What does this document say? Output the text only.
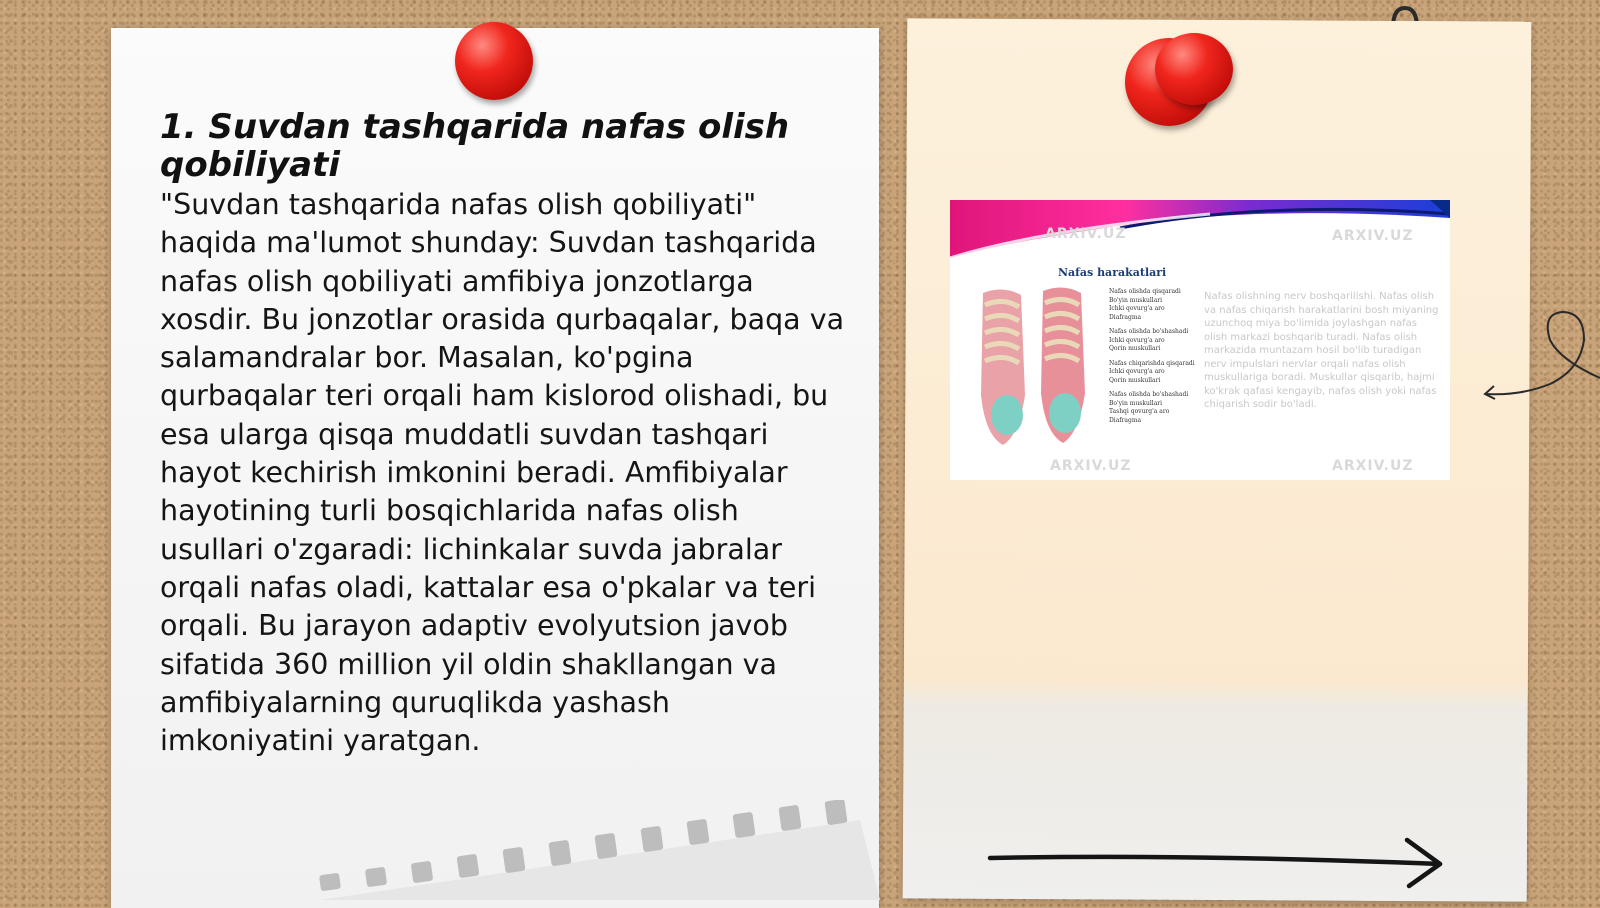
1. Suvdan tashqarida nafas olish qobiliyati

"Suvdan tashqarida nafas olish qobiliyati" haqida ma'lumot shunday: Suvdan tashqarida nafas olish qobiliyati amfibiya jonzotlarga xosdir. Bu jonzotlar orasida qurbaqalar, baqa va salamandralar bor. Masalan, ko'pgina qurbaqalar teri orqali ham kislorod olishadi, bu esa ularga qisqa muddatli suvdan tashqari hayot kechirish imkonini beradi. Amfibiyalar hayotining turli bosqichlarida nafas olish usullari o'zgaradi: lichinkalar suvda jabralar orqali nafas oladi, kattalar esa o'pkalar va teri orqali. Bu jarayon adaptiv evolyutsion javob sifatida 360 million yil oldin shakllangan va amfibiyalarning quruqlikda yashash imkoniyatini yaratgan.

ARXIV.UZ	ARXIV.UZ
ARXIV.UZ	ARXIV.UZ
Nafas harakatlari
Nafas olishda qisqaradi
Bo'yin muskullari
Ichki qovurg'a aro
Diafragma
Nafas olishda bo'shashadi
Ichki qovurg'a aro
Qorin muskullari
Nafas chiqarishda qisqaradi
Ichki qovurg'a aro
Qorin muskullari
Nafas olishda bo'shashadi
Bo'yin muskullari
Tashqi qovurg'a aro
Diafragma
Nafas olishning nerv boshqarilishi. Nafas olish va nafas chiqarish harakatlarini bosh miyaning uzunchoq miya bo'limida joylashgan nafas olish markazi boshqarib turadi. Nafas olish markazida muntazam hosil bo'lib turadigan nerv impulslari nervlar orqali nafas olish muskullariga boradi. Muskullar qisqarib, hajmi ko'krak qafasi kengayib, nafas olish yoki nafas chiqarish sodir bo'ladi.
